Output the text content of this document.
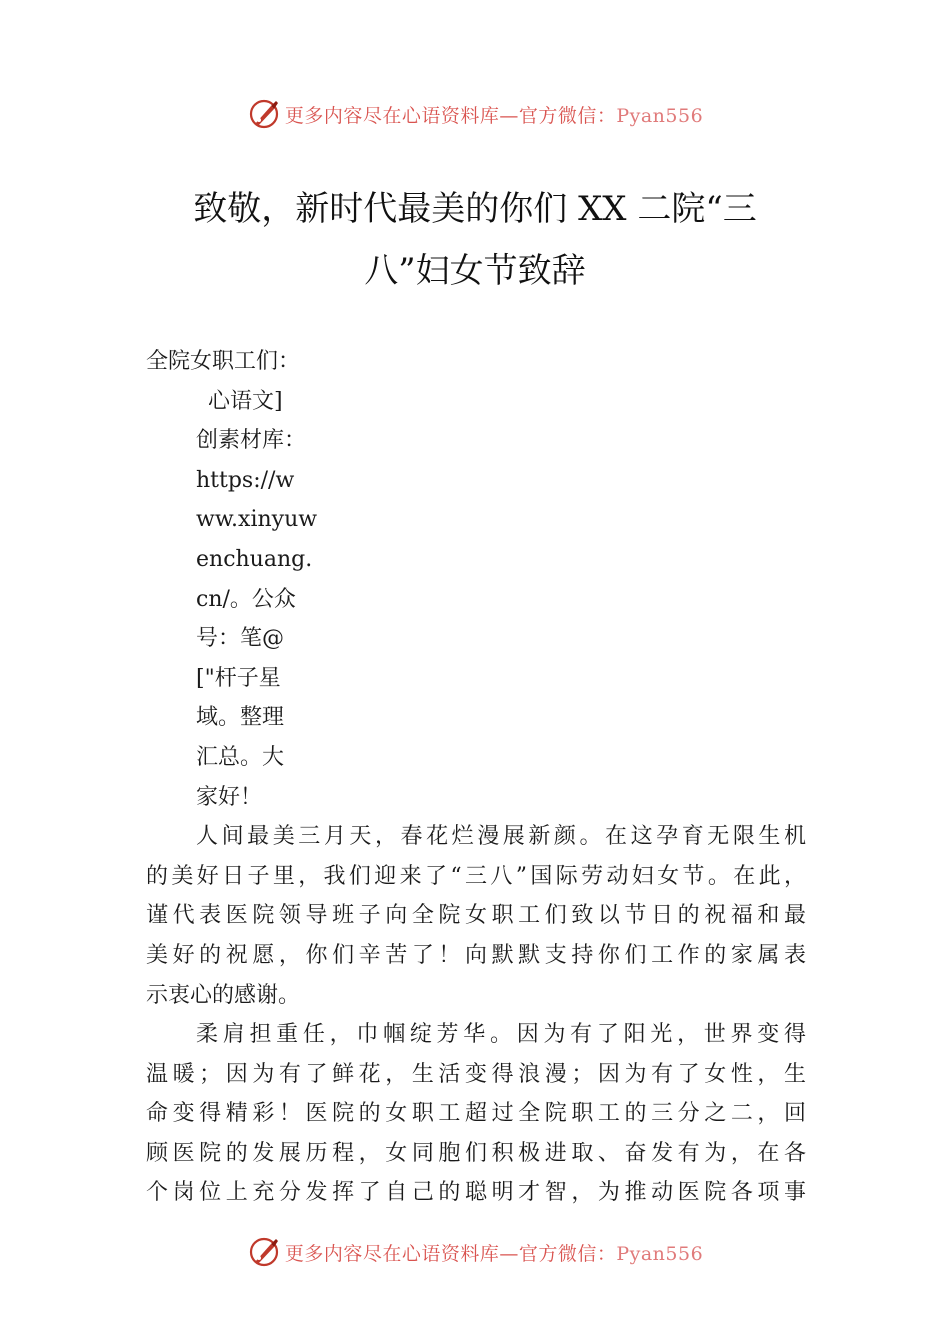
更多内容尽在心语资料库—官方微信：Pyan556
致敬，新时代最美的你们 XX 二院“三
八”妇女节致辞
全院女职工们：
心语文]
创素材库：
https://w
ww.xinyuw
enchuang.
cn/。公众
号：笔@
["杆子星
域。整理
汇总。大
家好！
人间最美三月天，春花烂漫展新颜。在这孕育无限生机
的美好日子里，我们迎来了“三八”国际劳动妇女节。在此，
谨代表医院领导班子向全院女职工们致以节日的祝福和最
美好的祝愿，你们辛苦了！向默默支持你们工作的家属表
示衷心的感谢。
柔肩担重任，巾帼绽芳华。因为有了阳光，世界变得
温暖；因为有了鲜花，生活变得浪漫；因为有了女性，生
命变得精彩！医院的女职工超过全院职工的三分之二，回
顾医院的发展历程，女同胞们积极进取、奋发有为，在各
个岗位上充分发挥了自己的聪明才智，为推动医院各项事
更多内容尽在心语资料库—官方微信：Pyan556
